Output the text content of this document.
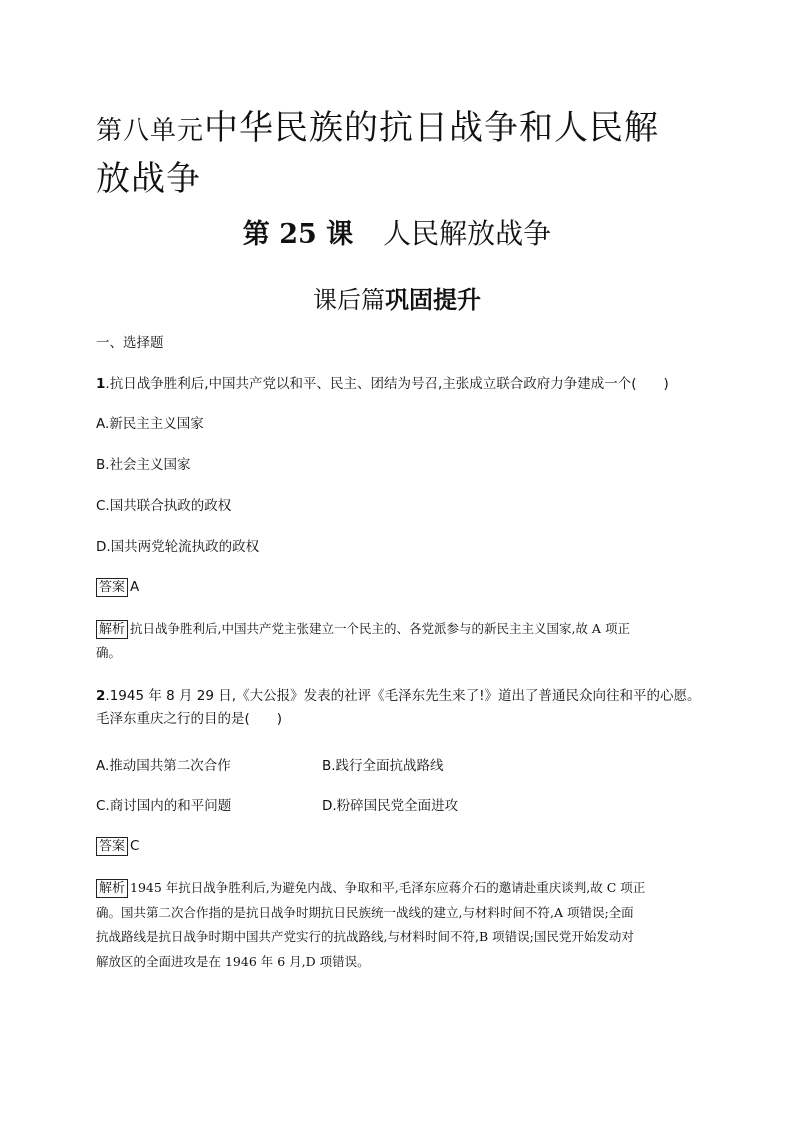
第八单元中华民族的抗日战争和人民解
放战争
第 25 课 人民解放战争
课后篇巩固提升
一、选择题
1.抗日战争胜利后,中国共产党以和平、民主、团结为号召,主张成立联合政府力争建成一个(　　)
A.新民主主义国家
B.社会主义国家
C.国共联合执政的政权
D.国共两党轮流执政的政权
答案 A
解析 抗日战争胜利后,中国共产党主张建立一个民主的、各党派参与的新民主主义国家,故 A 项正
确。
2.1945 年 8 月 29 日,《大公报》发表的社评《毛泽东先生来了!》道出了普通民众向往和平的心愿。
毛泽东重庆之行的目的是(　　)
A.推动国共第二次合作	B.践行全面抗战路线
C.商讨国内的和平问题	D.粉碎国民党全面进攻
答案 C
解析 1945 年抗日战争胜利后,为避免内战、争取和平,毛泽东应蒋介石的邀请赴重庆谈判,故 C 项正
确。国共第二次合作指的是抗日战争时期抗日民族统一战线的建立,与材料时间不符,A 项错误;全面
抗战路线是抗日战争时期中国共产党实行的抗战路线,与材料时间不符,B 项错误;国民党开始发动对
解放区的全面进攻是在 1946 年 6 月,D 项错误。
